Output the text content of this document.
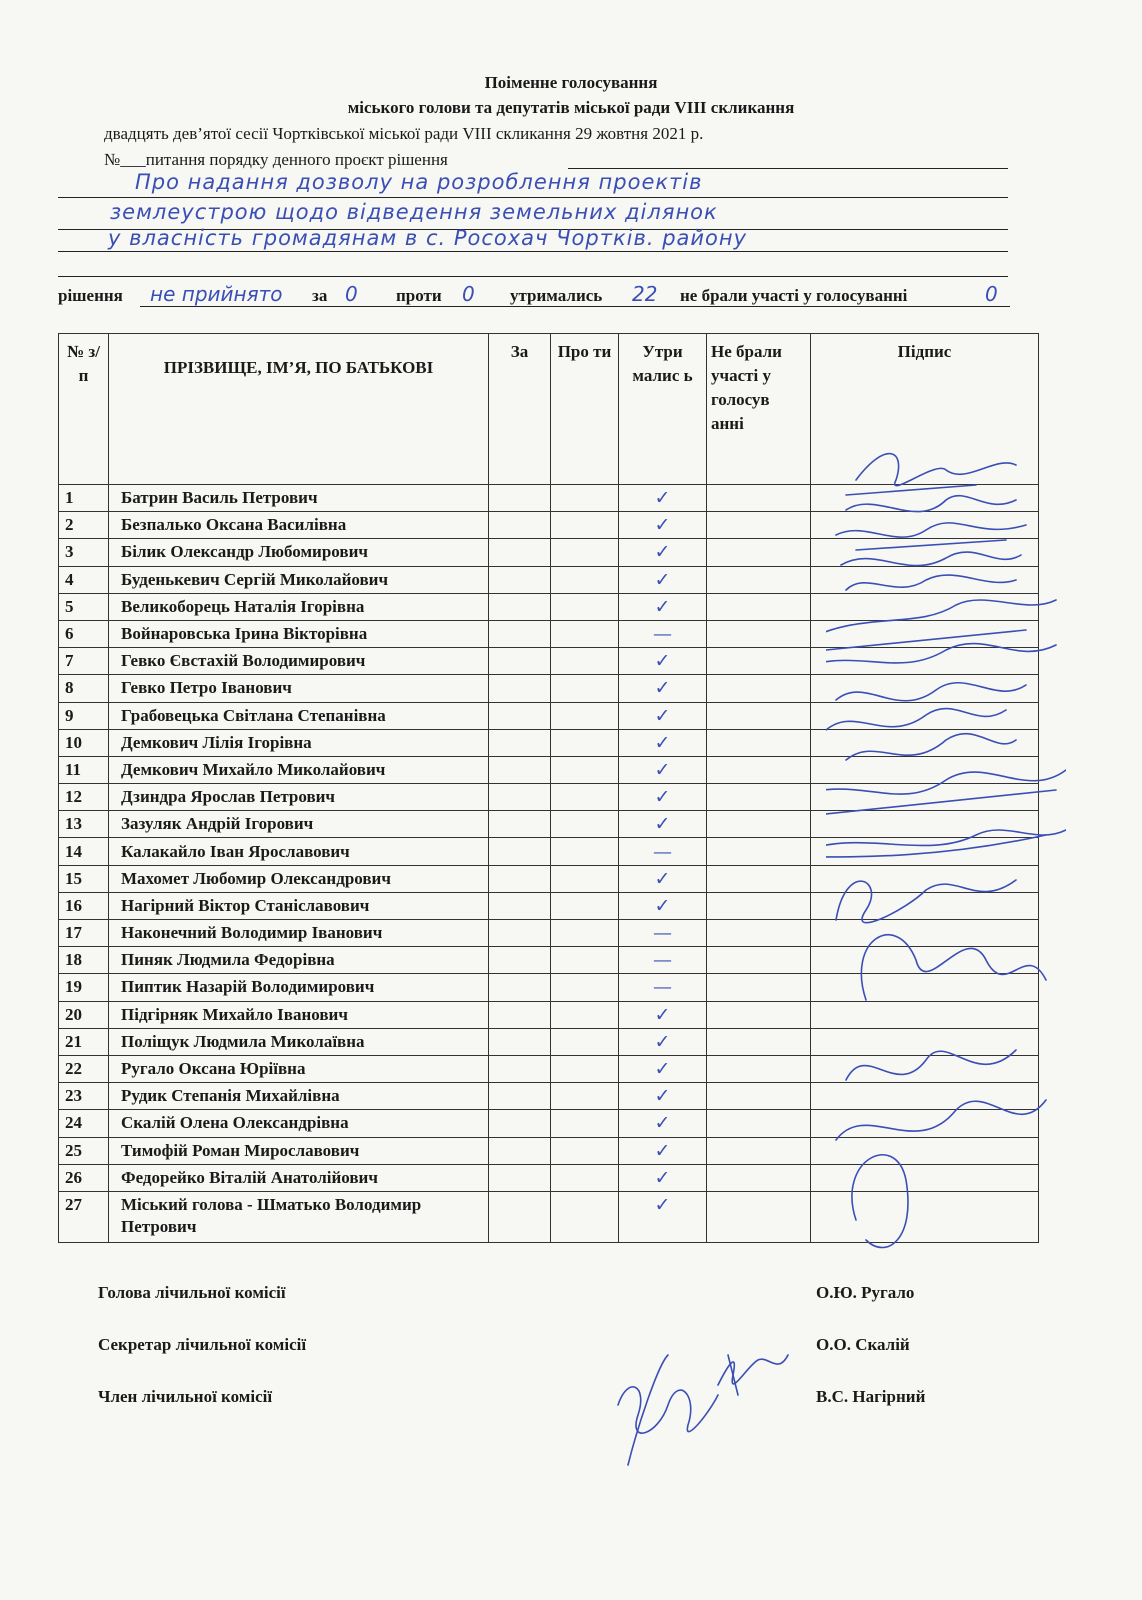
Поіменне голосування
міського голови та депутатів міської ради VIII скликання
двадцять дев’ятої сесії Чортківської міської ради VIII скликання 29 жовтня 2021 р.
№___питання порядку денного проєкт рішення
Про надання дозволу на розроблення проектів
землеустрою щодо відведення земельних ділянок
у власність громадянам в с. Росохач Чортків. району
рішення не прийнято за 0 проти 0 утримались 22 не брали участі у голосуванні	0
№ з/п	ПРІЗВИЩЕ, ІМ’Я, ПО БАТЬКОВІ	За	Про ти	Утри малис ь	Не брали участі у голосув анні	Підпис
1	Батрин Василь Петрович			✓		
2	Безпалько Оксана Василівна			✓		
3	Білик Олександр Любомирович			✓		
4	Буденькевич Сергій Миколайович			✓		
5	Великоборець Наталія Ігорівна			✓		
6	Войнаровська Ірина Вікторівна			—		
7	Гевко Євстахій Володимирович			✓		
8	Гевко Петро Іванович			✓		
9	Грабовецька Світлана Степанівна			✓		
10	Демкович Лілія Ігорівна			✓		
11	Демкович Михайло Миколайович			✓		
12	Дзиндра Ярослав Петрович			✓		
13	Зазуляк Андрій Ігорович			✓		
14	Калакайло Іван Ярославович			—		
15	Махомет Любомир Олександрович			✓		
16	Нагірний Віктор Станіславович			✓		
17	Наконечний Володимир Іванович			—		
18	Пиняк Людмила Федорівна			—		
19	Пиптик Назарій Володимирович			—		
20	Підгірняк Михайло Іванович			✓		
21	Поліщук Людмила Миколаївна			✓		
22	Ругало Оксана Юріївна			✓		
23	Рудик Степанія Михайлівна			✓		
24	Скалій Олена Олександрівна			✓		
25	Тимофій Роман Мирославович			✓		
26	Федорейко Віталій Анатолійович			✓		
27	Міський голова - Шматько Володимир Петрович			✓		
Голова лічильної комісії	О.Ю. Ругало
Секретар лічильної комісії	О.О. Скалій
Член лічильної комісії	В.С. Нагірний
